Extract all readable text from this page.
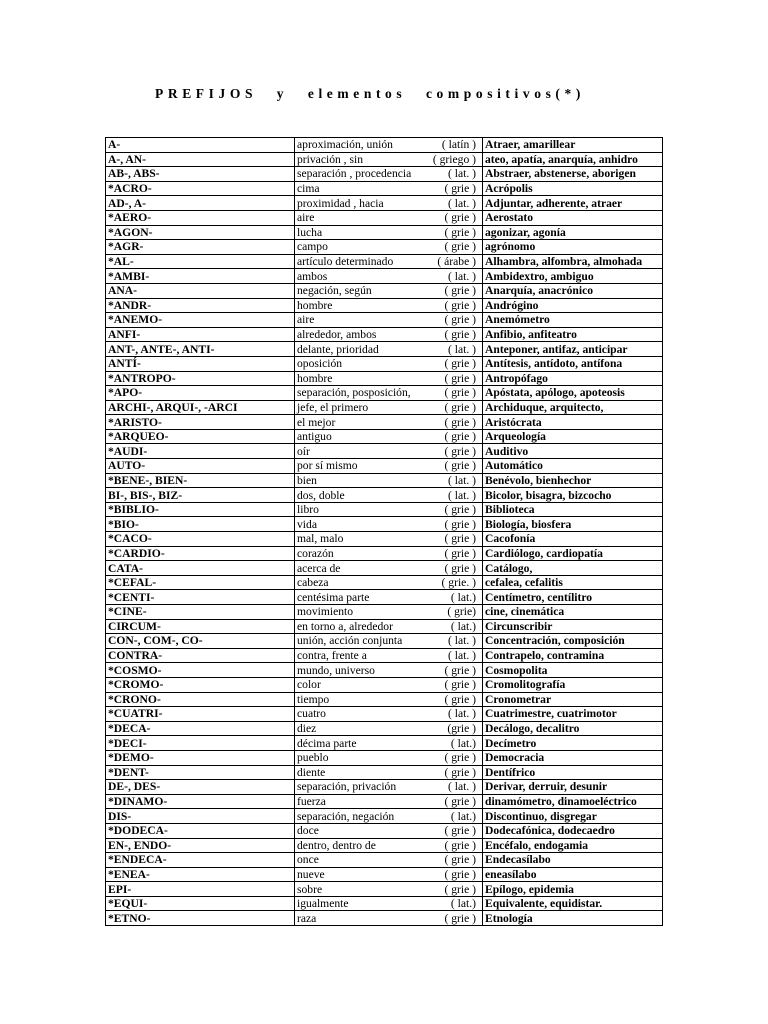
PREFIJOS y elementos compositivos(*)
A-	aproximación, unión ( latín )	Atraer, amarillear
A-, AN-	privación , sin ( griego )	ateo, apatía, anarquía, anhidro
AB-, ABS-	separación , procedencia ( lat. )	Abstraer, abstenerse, aborigen
*ACRO-	cima ( grie )	Acrópolis
AD-, A-	proximidad , hacia ( lat. )	Adjuntar, adherente, atraer
*AERO-	aire ( grie )	Aerostato
*AGON-	lucha ( grie )	agonizar, agonía
*AGR-	campo ( grie )	agrónomo
*AL-	artículo determinado ( árabe )	Alhambra, alfombra, almohada
*AMBI-	ambos ( lat. )	Ambidextro, ambiguo
ANA-	negación, según ( grie )	Anarquía, anacrónico
*ANDR-	hombre ( grie )	Andrógino
*ANEMO-	aire ( grie )	Anemómetro
ANFI-	alrededor, ambos ( grie )	Anfibio, anfiteatro
ANT-, ANTE-, ANTI-	delante, prioridad ( lat. )	Anteponer, antifaz, anticipar
ANTÍ-	oposición ( grie )	Antítesis, antídoto, antífona
*ANTROPO-	hombre ( grie )	Antropófago
*APO-	separación, posposición, ( grie )	Apóstata, apólogo, apoteosis
ARCHI-, ARQUI-, -ARCI	jefe, el primero ( grie )	Archiduque, arquitecto,
*ARISTO-	el mejor ( grie )	Aristócrata
*ARQUEO-	antiguo ( grie )	Arqueología
*AUDI-	oír ( grie )	Auditivo
AUTO-	por sí mismo ( grie )	Automático
*BENE-, BIEN-	bien ( lat. )	Benévolo, bienhechor
BI-, BIS-, BIZ-	dos, doble ( lat. )	Bicolor, bisagra, bizcocho
*BIBLIO-	libro ( grie )	Biblioteca
*BIO-	vida ( grie )	Biología, biosfera
*CACO-	mal, malo ( grie )	Cacofonía
*CARDIO-	corazón ( grie )	Cardiólogo, cardiopatía
CATA-	acerca de ( grie )	Catálogo,
*CEFAL-	cabeza ( grie. )	cefalea, cefalitis
*CENTI-	centésima parte ( lat.)	Centímetro, centílitro
*CINE-	movimiento ( grie)	cine, cinemática
CIRCUM-	en torno a, alrededor ( lat.)	Circunscribir
CON-, COM-, CO-	unión, acción conjunta ( lat. )	Concentración, composición
CONTRA-	contra, frente a ( lat. )	Contrapelo, contramina
*COSMO-	mundo, universo ( grie )	Cosmopolita
*CROMO-	color ( grie )	Cromolitografía
*CRONO-	tiempo ( grie )	Cronometrar
*CUATRI-	cuatro ( lat. )	Cuatrimestre, cuatrimotor
*DECA-	diez (grie )	Decálogo, decalitro
*DECI-	décima parte ( lat.)	Decímetro
*DEMO-	pueblo ( grie )	Democracia
*DENT-	diente ( grie )	Dentífrico
DE-, DES-	separación, privación ( lat. )	Derivar, derruir, desunir
*DINAMO-	fuerza ( grie )	dinamómetro, dinamoeléctrico
DIS-	separación, negación ( lat.)	Discontinuo, disgregar
*DODECA-	doce ( grie )	Dodecafónica, dodecaedro
EN-, ENDO-	dentro, dentro de ( grie )	Encéfalo, endogamia
*ENDECA-	once ( grie )	Endecasílabo
*ENEA-	nueve ( grie )	eneasílabo
EPI-	sobre ( grie )	Epílogo, epidemia
*EQUI-	igualmente ( lat.)	Equivalente, equidistar.
*ETNO-	raza ( grie )	Etnología
